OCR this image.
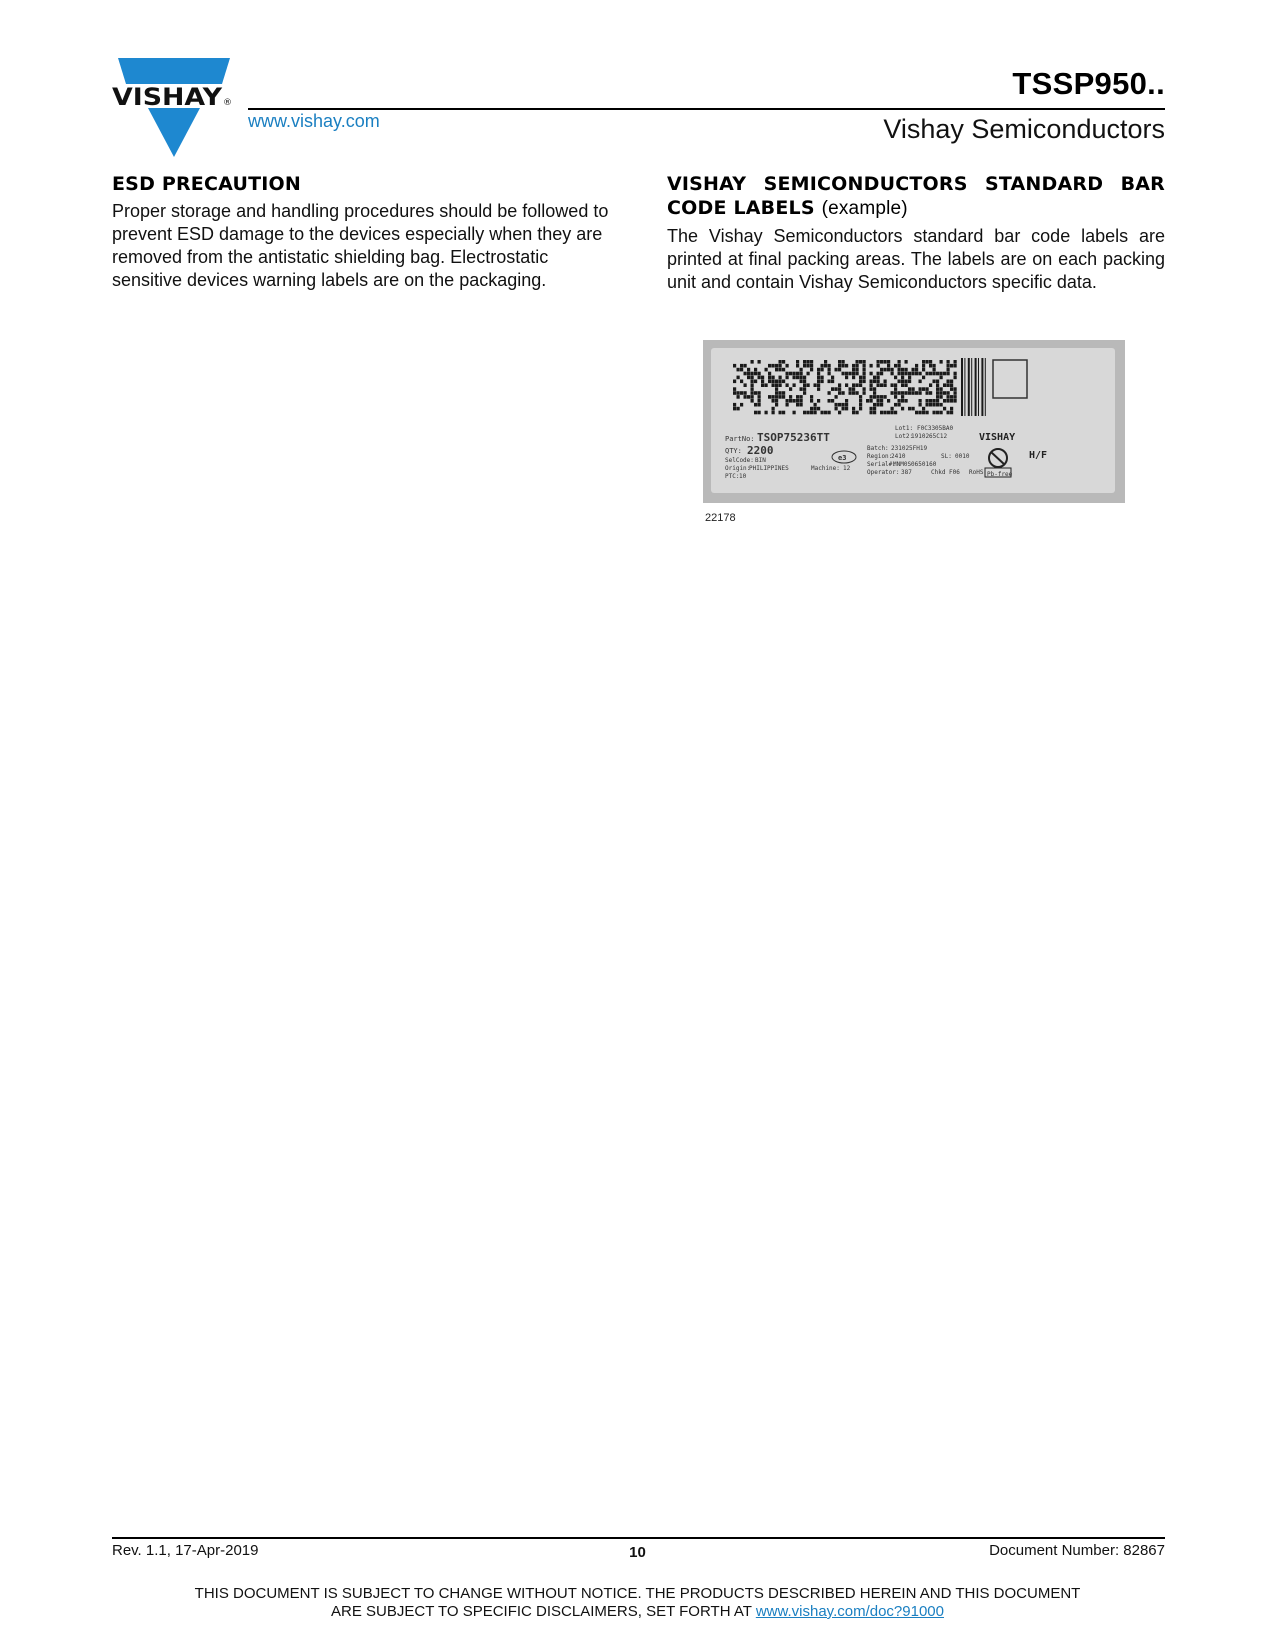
VISHAY ®
TSSP950..
www.vishay.com	Vishay Semiconductors
ESD PRECAUTION
Proper storage and handling procedures should be followed to prevent ESD damage to the devices especially when they are removed from the antistatic shielding bag. Electrostatic sensitive devices warning labels are on the packaging.
VISHAY SEMICONDUCTORS STANDARD BAR CODE LABELS (example)
The Vishay Semiconductors standard bar code labels are printed at final packing areas. The labels are on each packing unit and contain Vishay Semiconductors specific data.
PartNo: TSOP75236TT
QTY: 2200
SelCode: BIN
Origin:
PHILIPPINES
PTC: 10
Machine: 12
e3
Lot1: F0C3305BA0
Lot2:
1910265C12
Batch: 231025FH19
Region:
2410	SL: 0010
Serial#:
MNM0S0650160
Operator: 387	Chkd F06 RoHS
VISHAY
Pb-free
H/F
22178
Rev. 1.1, 17-Apr-2019	10	Document Number: 82867
THIS DOCUMENT IS SUBJECT TO CHANGE WITHOUT NOTICE. THE PRODUCTS DESCRIBED HEREIN AND THIS DOCUMENT
ARE SUBJECT TO SPECIFIC DISCLAIMERS, SET FORTH AT www.vishay.com/doc?91000
